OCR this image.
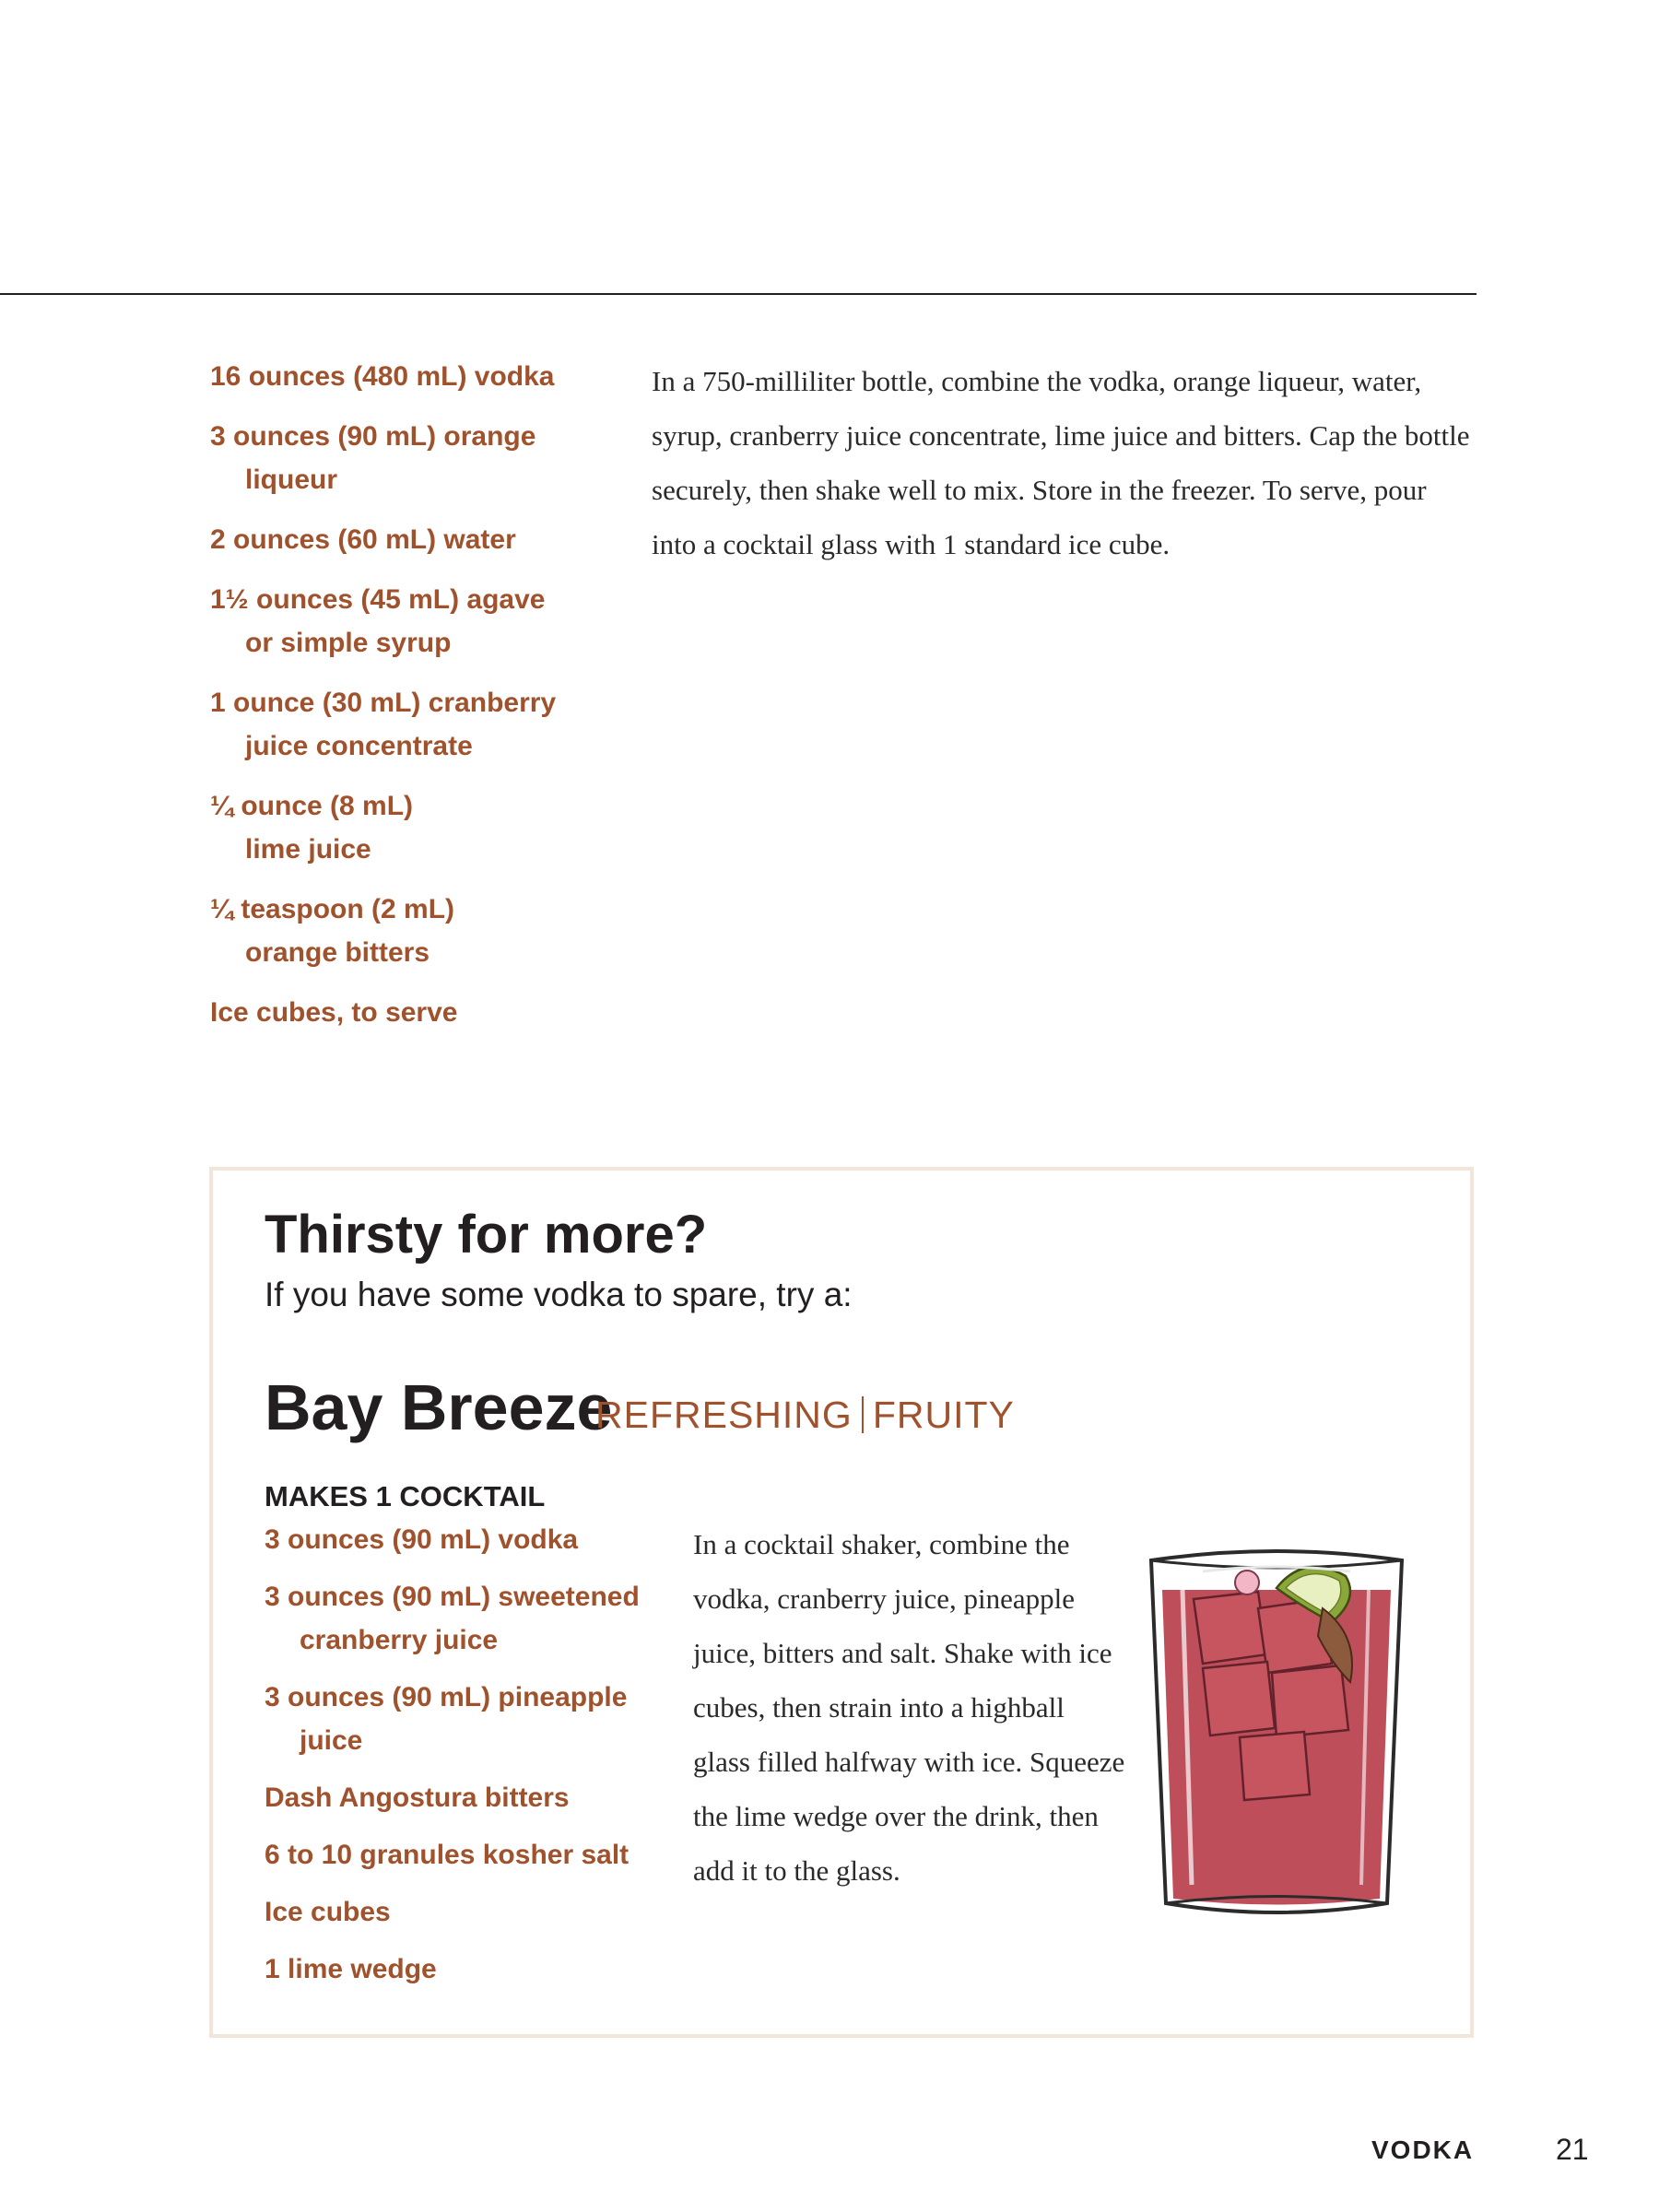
16 ounces (480 mL) vodka

3 ounces (90 mL) orange
liqueur

2 ounces (60 mL) water

1½ ounces (45 mL) agave
or simple syrup

1 ounce (30 mL) cranberry
juice concentrate

¼ ounce (8 mL)
lime juice

¼ teaspoon (2 mL)
orange bitters

Ice cubes, to serve

In a 750-milliliter bottle, combine the vodka, orange liqueur, water, syrup, cranberry juice concentrate, lime juice and bitters. Cap the bottle securely, then shake well to mix. Store in the freezer. To serve, pour into a cocktail glass with 1 standard ice cube.
Thirsty for more?
If you have some vodka to spare, try a:
Bay Breeze
REFRESHING FRUITY
MAKES 1 COCKTAIL

3 ounces (90 mL) vodka

3 ounces (90 mL) sweetened
cranberry juice

3 ounces (90 mL) pineapple
juice

Dash Angostura bitters

6 to 10 granules kosher salt

Ice cubes

1 lime wedge

In a cocktail shaker, combine the vodka, cranberry juice, pineapple juice, bitters and salt. Shake with ice cubes, then strain into a highball glass filled halfway with ice. Squeeze the lime wedge over the drink, then add it to the glass.
VODKA	21
